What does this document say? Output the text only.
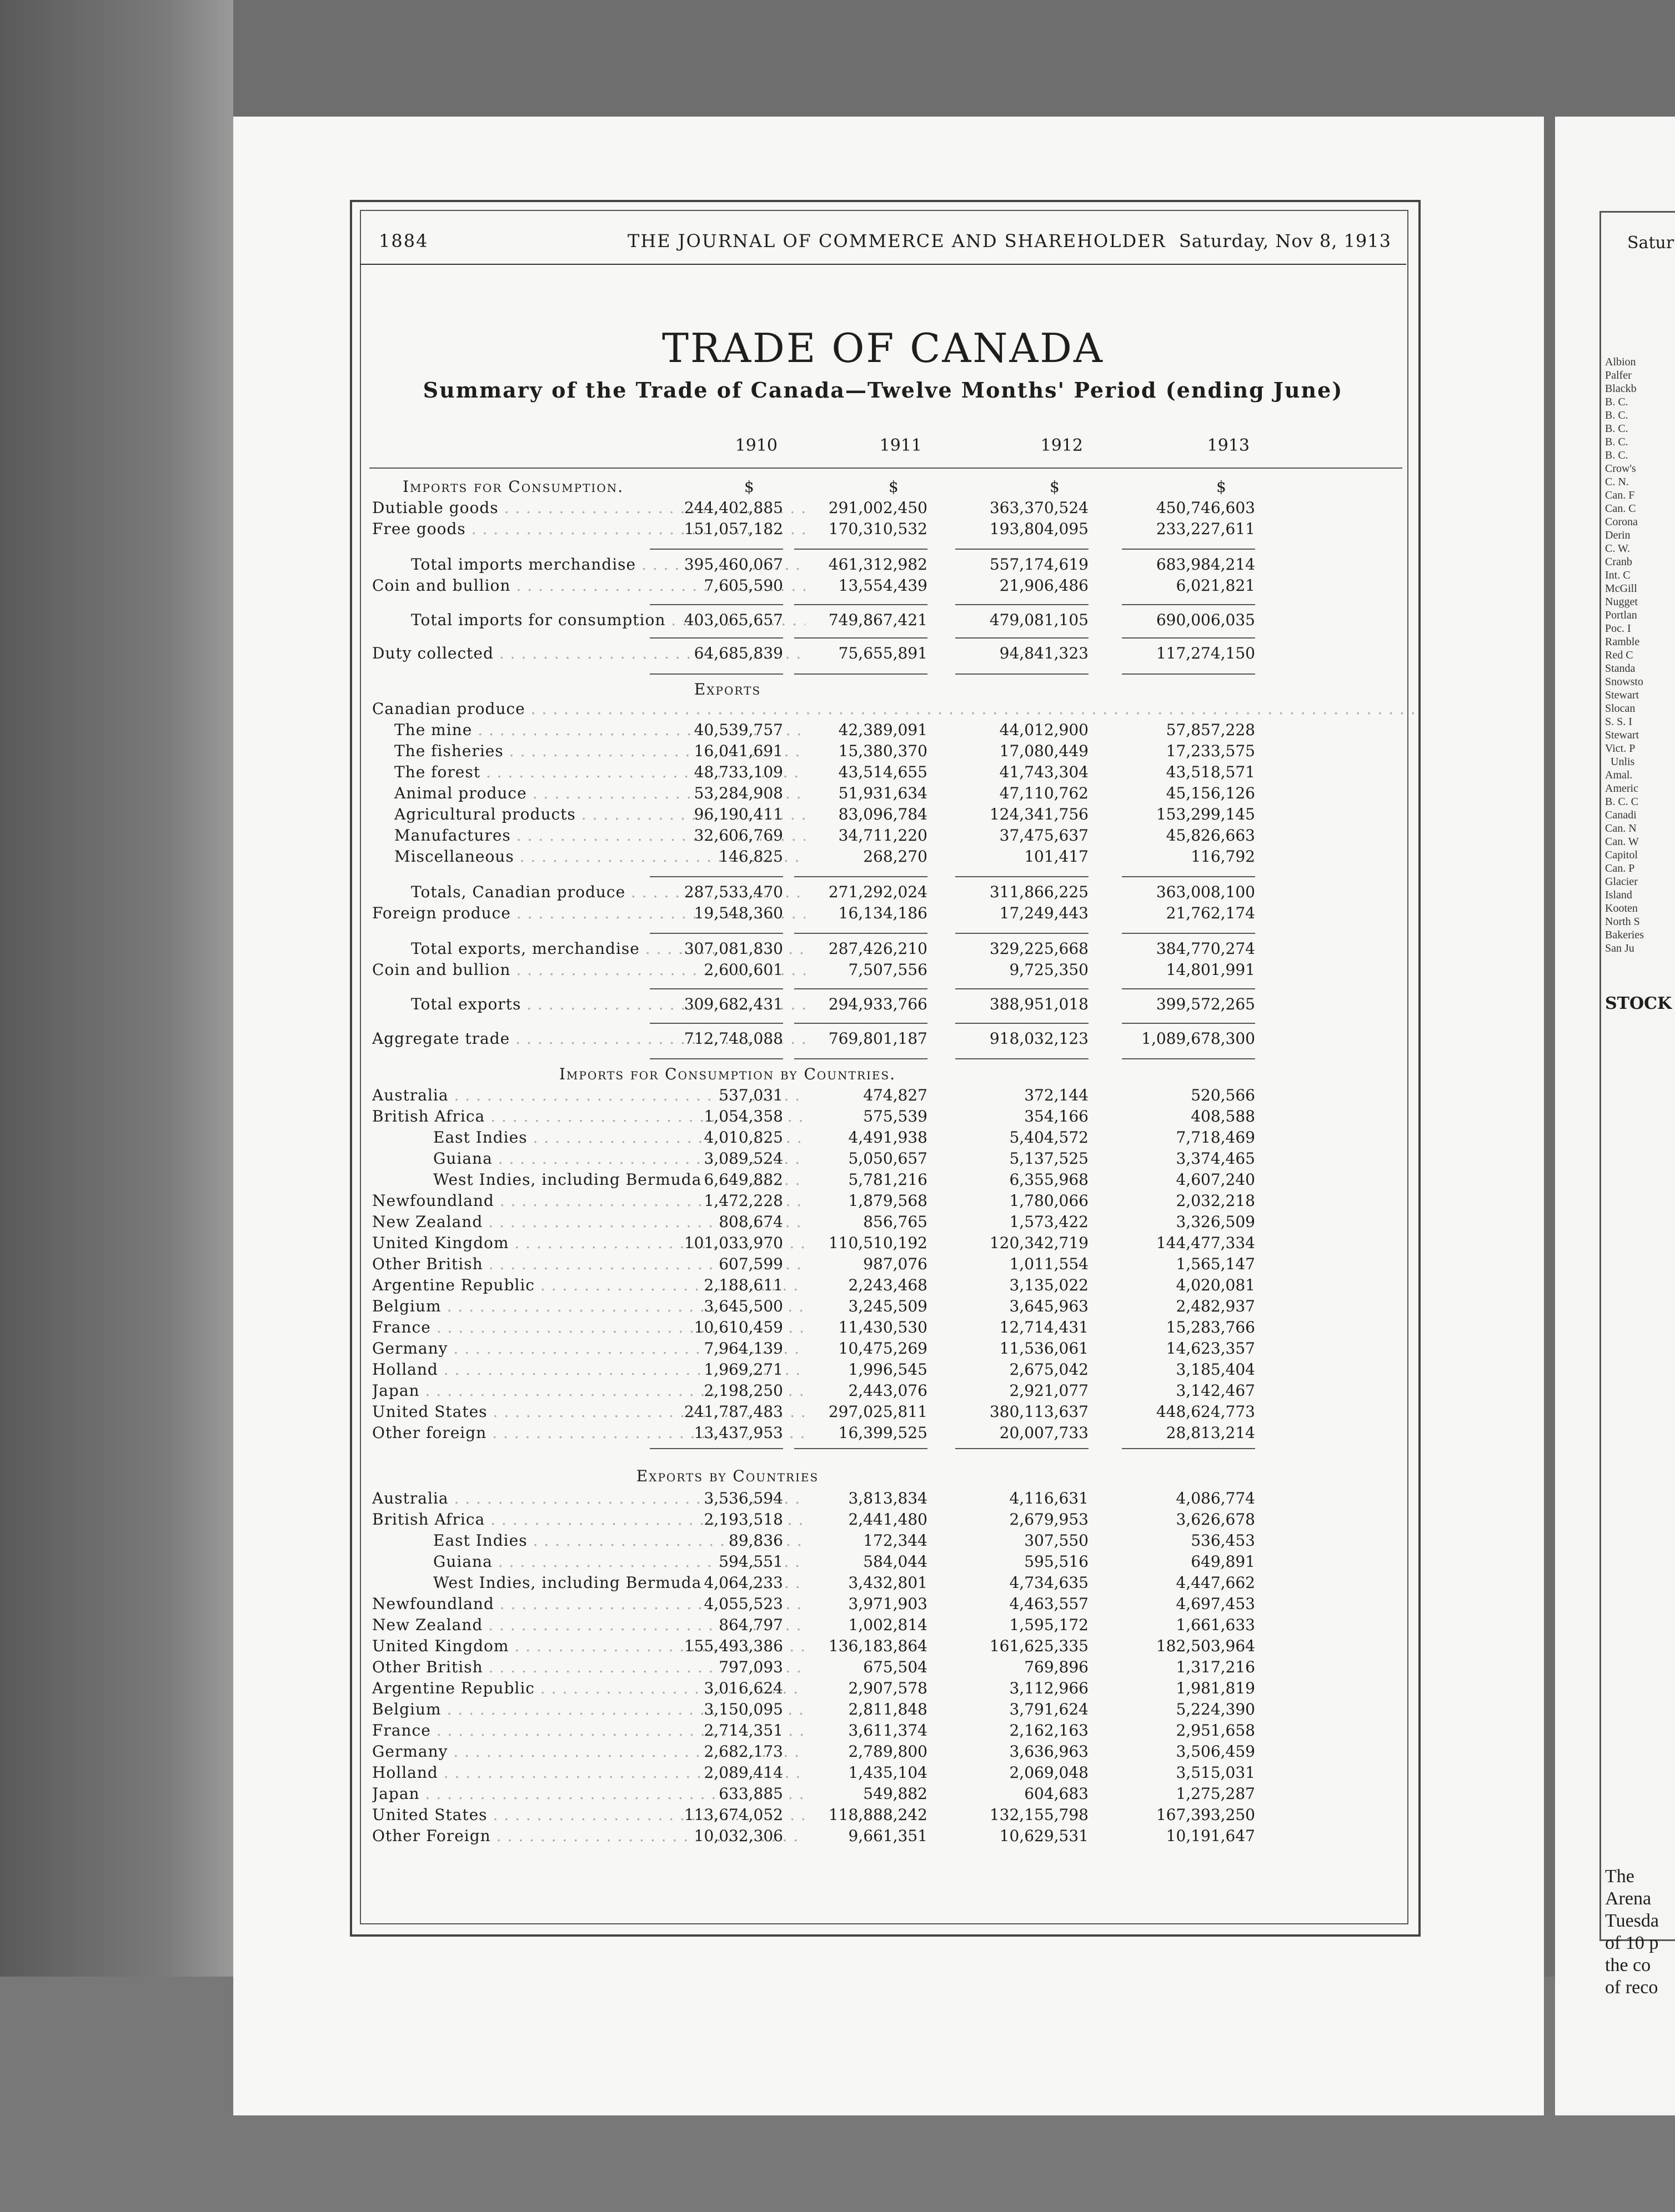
1884	THE JOURNAL OF COMMERCE AND SHAREHOLDER Saturday, Nov 8, 1913
TRADE OF CANADA
Summary of the Trade of Canada—Twelve Months' Period (ending June)
1910	1911	1912	1913
Imports for Consumption.	$	$	$	$
Dutiable goods . . .	244,402,885	291,002,450	363,370,524	450,746,603
Free goods . . .	151,057,182	170,310,532	193,804,095	233,227,611
Total imports merchandise . . .	395,460,067	461,312,982	557,174,619	683,984,214
Coin and bullion . . .	7,605,590	13,554,439	21,906,486	6,021,821
Total imports for consumption . . .	403,065,657	749,867,421	479,081,105	690,006,035
Duty collected . . .	64,685,839	75,655,891	94,841,323	117,274,150
Exports
Canadian produce . . .
The mine . . .	40,539,757	42,389,091	44,012,900	57,857,228
The fisheries . . .	16,041,691	15,380,370	17,080,449	17,233,575
The forest . . .	48,733,109	43,514,655	41,743,304	43,518,571
Animal produce . . .	53,284,908	51,931,634	47,110,762	45,156,126
Agricultural products . . .	96,190,411	83,096,784	124,341,756	153,299,145
Manufactures . . .	32,606,769	34,711,220	37,475,637	45,826,663
Miscellaneous . . .	146,825	268,270	101,417	116,792
Totals, Canadian produce . . .	287,533,470	271,292,024	311,866,225	363,008,100
Foreign produce . . .	19,548,360	16,134,186	17,249,443	21,762,174
Total exports, merchandise . . .	307,081,830	287,426,210	329,225,668	384,770,274
Coin and bullion . . .	2,600,601	7,507,556	9,725,350	14,801,991
Total exports . . .	309,682,431	294,933,766	388,951,018	399,572,265
Aggregate trade . . .	712,748,088	769,801,187	918,032,123	1,089,678,300
Imports for Consumption by Countries.
Australia . . .	537,031	474,827	372,144	520,566
British Africa . . .	1,054,358	575,539	354,166	408,588
East Indies . . .	4,010,825	4,491,938	5,404,572	7,718,469
Guiana . . .	3,089,524	5,050,657	5,137,525	3,374,465
West Indies, including Bermuda . . . 6,649,882	5,781,216	6,355,968	4,607,240
Newfoundland . . .	1,472,228	1,879,568	1,780,066	2,032,218
New Zealand . . .	808,674	856,765	1,573,422	3,326,509
United Kingdom . . .	101,033,970	110,510,192	120,342,719	144,477,334
Other British . . .	607,599	987,076	1,011,554	1,565,147
Argentine Republic . . .	2,188,611	2,243,468	3,135,022	4,020,081
Belgium . . .	3,645,500	3,245,509	3,645,963	2,482,937
France . . .	10,610,459	11,430,530	12,714,431	15,283,766
Germany . . .	7,964,139	10,475,269	11,536,061	14,623,357
Holland . . .	1,969,271	1,996,545	2,675,042	3,185,404
Japan . . .	2,198,250	2,443,076	2,921,077	3,142,467
United States . . .	241,787,483	297,025,811	380,113,637	448,624,773
Other foreign . . .	13,437,953	16,399,525	20,007,733	28,813,214
Exports by Countries
Australia . . .	3,536,594	3,813,834	4,116,631	4,086,774
British Africa . . .	2,193,518	2,441,480	2,679,953	3,626,678
East Indies . . .	89,836	172,344	307,550	536,453
Guiana . . .	594,551	584,044	595,516	649,891
West Indies, including Bermuda . . . 4,064,233	3,432,801	4,734,635	4,447,662
Newfoundland . . .	4,055,523	3,971,903	4,463,557	4,697,453
New Zealand . . .	864,797	1,002,814	1,595,172	1,661,633
United Kingdom . . .	155,493,386	136,183,864	161,625,335	182,503,964
Other British . . .	797,093	675,504	769,896	1,317,216
Argentine Republic . . .	3,016,624	2,907,578	3,112,966	1,981,819
Belgium . . .	3,150,095	2,811,848	3,791,624	5,224,390
France . . .	2,714,351	3,611,374	2,162,163	2,951,658
Germany . . .	2,682,173	2,789,800	3,636,963	3,506,459
Holland . . .	2,089,414	1,435,104	2,069,048	3,515,031
Japan . . .	633,885	549,882	604,683	1,275,287
United States . . .	113,674,052	118,888,242	132,155,798	167,393,250
Other Foreign . . .	10,032,306	9,661,351	10,629,531	10,191,647
Satur
Albion
Palfer
Blackb
B. C.
B. C.
B. C.
B. C.
B. C.
Crow's
C. N.
Can. F
Can. C
Corona
Derin
C. W.
Cranb
Int. C
McGill
Nugget
Portlan
Poc. I
Ramble
Red C
Standa
Snowsto
Stewart
Slocan
S. S. I
Stewart
Vict. P
Unlis
Amal.
Americ
B. C. C
Canadi
Can. N
Can. W
Capitol
Can. P
Glacier
Island
Kooten
North S
Bakeries
San Ju
STOCK
The
Arena
Tuesda
of 10 p
the co
of reco
